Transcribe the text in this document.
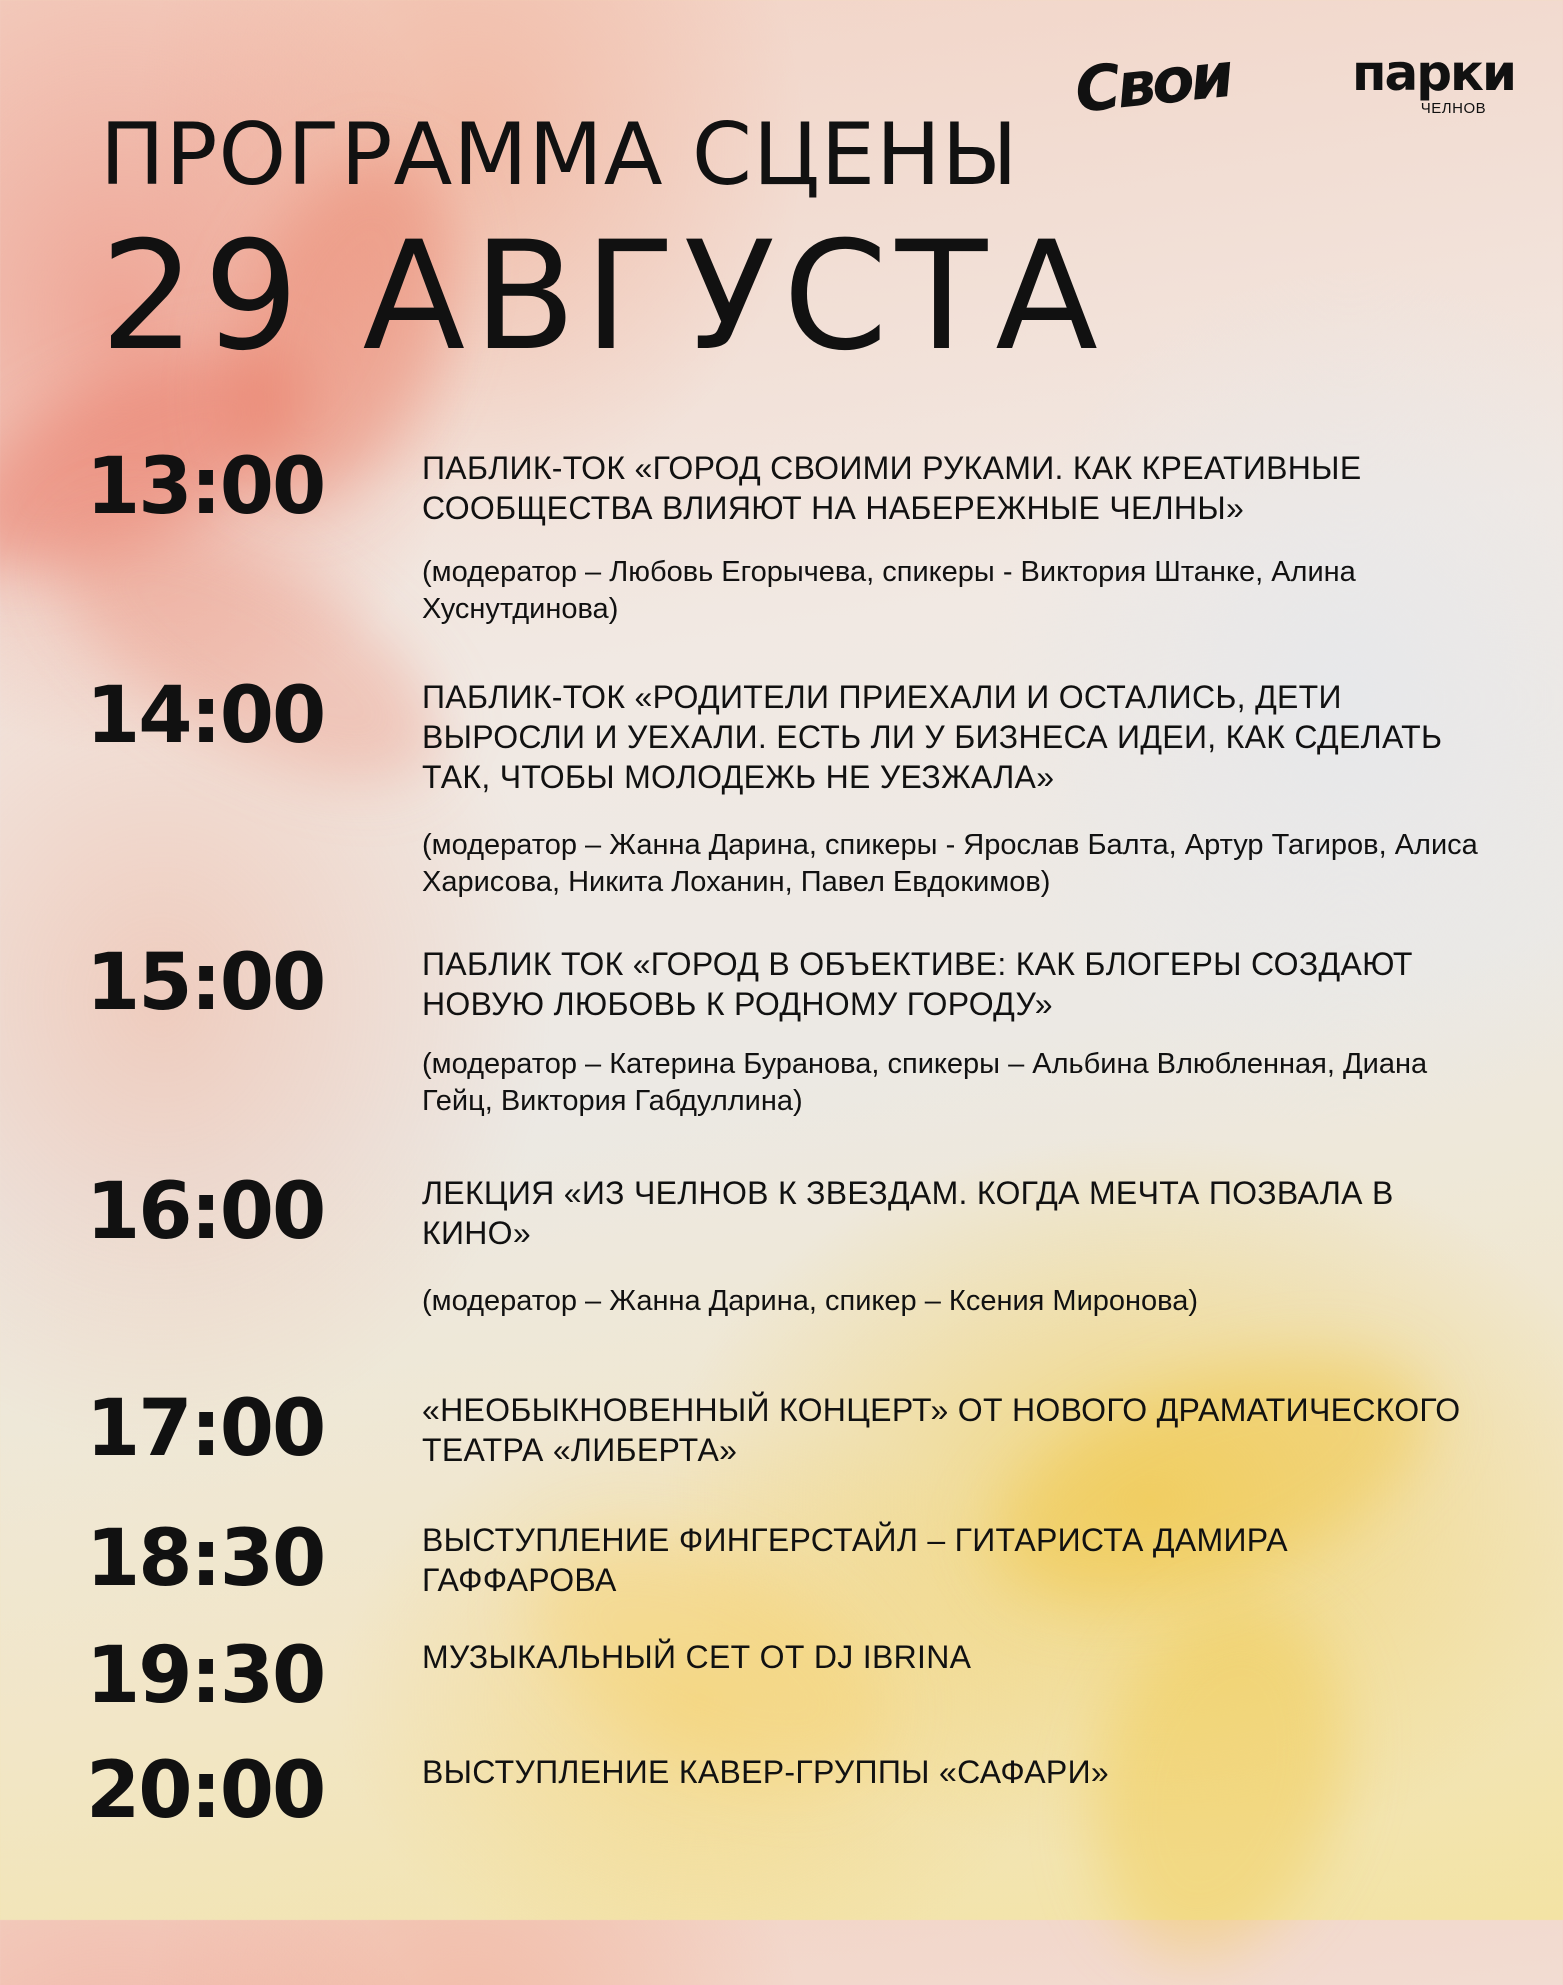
Свои парки
ЧЕЛНОВ
ПРОГРАММА СЦЕНЫ
29 АВГУСТА
13:00	ПАБЛИК-ТОК «ГОРОД СВОИМИ РУКАМИ. КАК КРЕАТИВНЫЕ СООБЩЕСТВА ВЛИЯЮТ НА НАБЕРЕЖНЫЕ ЧЕЛНЫ»

(модератор – Любовь Егорычева, спикеры - Виктория Штанке, Алина Хуснутдинова)

14:00	ПАБЛИК-ТОК «РОДИТЕЛИ ПРИЕХАЛИ И ОСТАЛИСЬ, ДЕТИ ВЫРОСЛИ И УЕХАЛИ. ЕСТЬ ЛИ У БИЗНЕСА ИДЕИ, КАК СДЕЛАТЬ ТАК, ЧТОБЫ МОЛОДЕЖЬ НЕ УЕЗЖАЛА»

(модератор – Жанна Дарина, спикеры - Ярослав Балта, Артур Тагиров, Алиса Харисова, Никита Лоханин, Павел Евдокимов)

15:00	ПАБЛИК ТОК «ГОРОД В ОБЪЕКТИВЕ: КАК БЛОГЕРЫ СОЗДАЮТ НОВУЮ ЛЮБОВЬ К РОДНОМУ ГОРОДУ»

(модератор – Катерина Буранова, спикеры – Альбина Влюбленная, Диана Гейц, Виктория Габдуллина)

16:00	ЛЕКЦИЯ «ИЗ ЧЕЛНОВ К ЗВЕЗДАМ. КОГДА МЕЧТА ПОЗВАЛА В КИНО»

(модератор – Жанна Дарина, спикер – Ксения Миронова)

17:00	«НЕОБЫКНОВЕННЫЙ КОНЦЕРТ» ОТ НОВОГО ДРАМАТИЧЕСКОГО ТЕАТРА «ЛИБЕРТА»

18:30	ВЫСТУПЛЕНИЕ ФИНГЕРСТАЙЛ – ГИТАРИСТА ДАМИРА ГАФФАРОВА

19:30	МУЗЫКАЛЬНЫЙ СЕТ ОТ DJ IBRINA

20:00	ВЫСТУПЛЕНИЕ КАВЕР-ГРУППЫ «САФАРИ»
